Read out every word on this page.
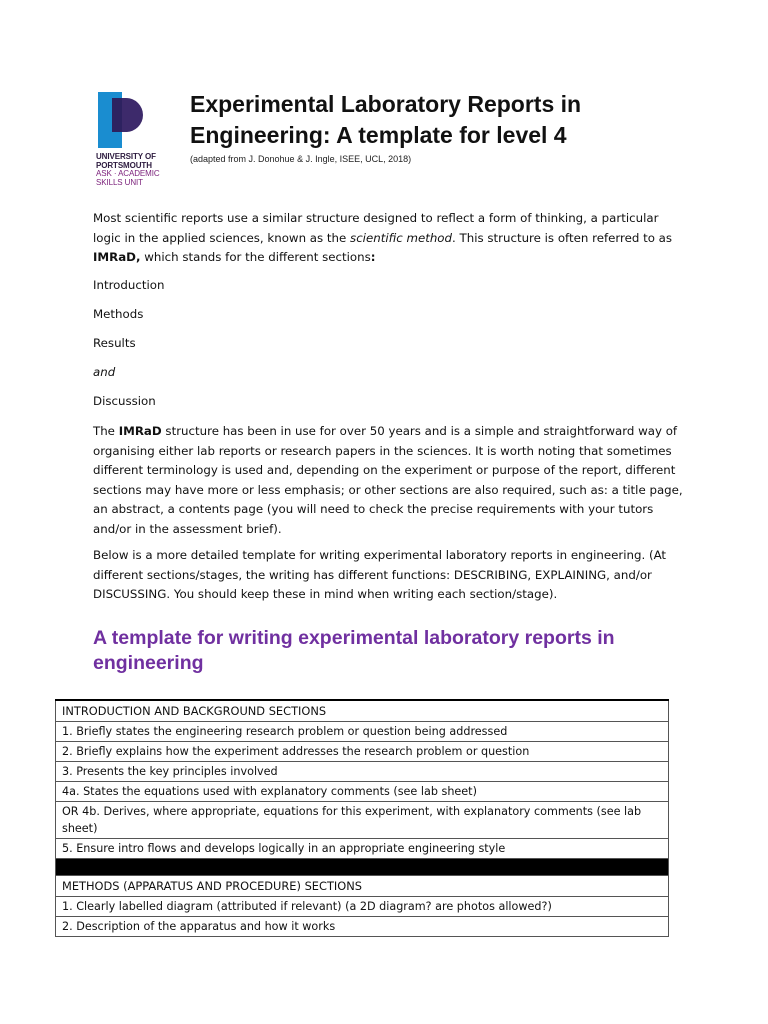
UNIVERSITY OF
PORTSMOUTH
ASK · ACADEMIC
SKILLS UNIT
Experimental Laboratory Reports in Engineering: A template for level 4
(adapted from J. Donohue & J. Ingle, ISEE, UCL, 2018)

Most scientific reports use a similar structure designed to reflect a form of thinking, a particular logic in the applied sciences, known as the scientific method. This structure is often referred to as IMRaD, which stands for the different sections:

Introduction
Methods
Results
and
Discussion

The IMRaD structure has been in use for over 50 years and is a simple and straightforward way of organising either lab reports or research papers in the sciences. It is worth noting that sometimes different terminology is used and, depending on the experiment or purpose of the report, different sections may have more or less emphasis; or other sections are also required, such as: a title page, an abstract, a contents page (you will need to check the precise requirements with your tutors and/or in the assessment brief).

Below is a more detailed template for writing experimental laboratory reports in engineering. (At different sections/stages, the writing has different functions: DESCRIBING, EXPLAINING, and/or DISCUSSING. You should keep these in mind when writing each section/stage).

A template for writing experimental laboratory reports in engineering
INTRODUCTION AND BACKGROUND SECTIONS
1. Briefly states the engineering research problem or question being addressed
2. Briefly explains how the experiment addresses the research problem or question
3. Presents the key principles involved
4a. States the equations used with explanatory comments (see lab sheet)
OR 4b. Derives, where appropriate, equations for this experiment, with explanatory comments (see lab sheet)
5. Ensure intro flows and develops logically in an appropriate engineering style

METHODS (APPARATUS AND PROCEDURE) SECTIONS
1. Clearly labelled diagram (attributed if relevant) (a 2D diagram? are photos allowed?)
2. Description of the apparatus and how it works
